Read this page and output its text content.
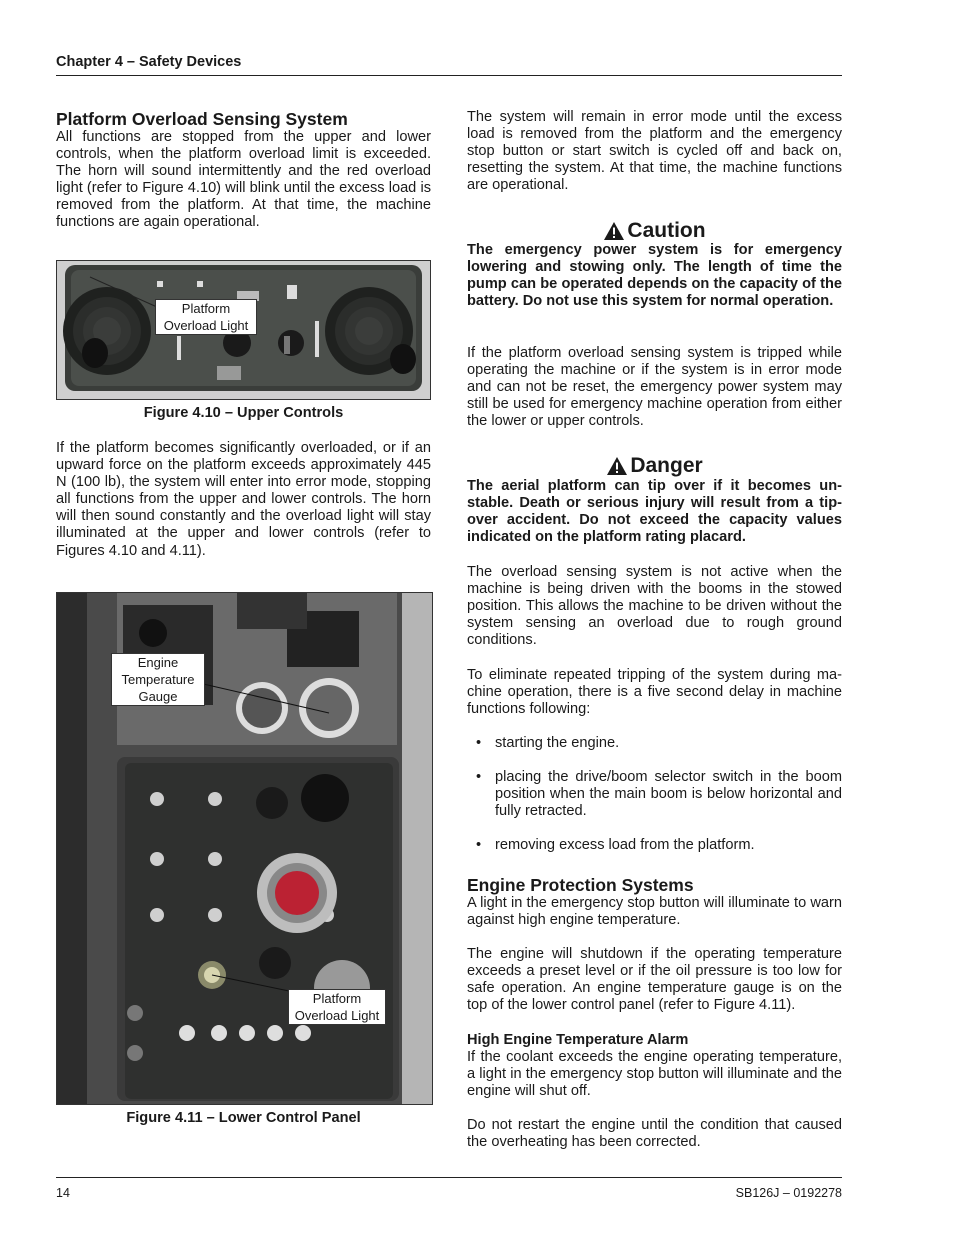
Chapter 4 – Safety Devices
Platform Overload Sensing System

All functions are stopped from the upper and lower controls, when the platform overload limit is exceeded. The horn will sound intermittently and the red overload light (refer to Figure 4.10) will blink until the excess load is removed from the platform. At that time, the machine functions are again operational.

Platform
Overload Light
Figure 4.10 – Upper Controls

If the platform becomes significantly overloaded, or if an upward force on the platform exceeds approximately 445 N (100 lb), the system will enter into error mode, stopping all functions from the upper and lower controls. The horn will then sound constantly and the overload light will stay illuminated at the upper and lower controls (refer to Figures 4.10 and 4.11).

Engine
Temperature
Gauge
Platform
Overload Light
Figure 4.11 – Lower Control Panel

The system will remain in error mode until the excess load is removed from the platform and the emergency stop button or start switch is cycled off and back on, resetting the system. At that time, the machine functions are operational.

Caution

The emergency power system is for emergency lowering and stowing only. The length of time the pump can be operated depends on the capacity of the battery. Do not use this system for normal operation.

If the platform overload sensing system is tripped while operating the machine or if the system is in error mode and can not be reset, the emergency power system may still be used for emergency machine operation from either the lower or upper controls.

Danger

The aerial platform can tip over if it becomes un-stable. Death or serious injury will result from a tip-over accident. Do not exceed the capacity values indicated on the platform rating placard.

The overload sensing system is not active when the machine is being driven with the booms in the stowed position. This allows the machine to be driven without the system sensing an overload due to rough ground conditions.

To eliminate repeated tripping of the system during ma-chine operation, there is a five second delay in machine functions following:

• starting the engine.
• placing the drive/boom selector switch in the boom position when the main boom is below horizontal and fully retracted.
• removing excess load from the platform.
Engine Protection Systems

A light in the emergency stop button will illuminate to warn against high engine temperature.

The engine will shutdown if the operating temperature exceeds a preset level or if the oil pressure is too low for safe operation. An engine temperature gauge is on the top of the lower control panel (refer to Figure 4.11).

High Engine Temperature Alarm

If the coolant exceeds the engine operating temperature, a light in the emergency stop button will illuminate and the engine will shut off.

Do not restart the engine until the condition that caused the overheating has been corrected.

14	SB126J – 0192278
